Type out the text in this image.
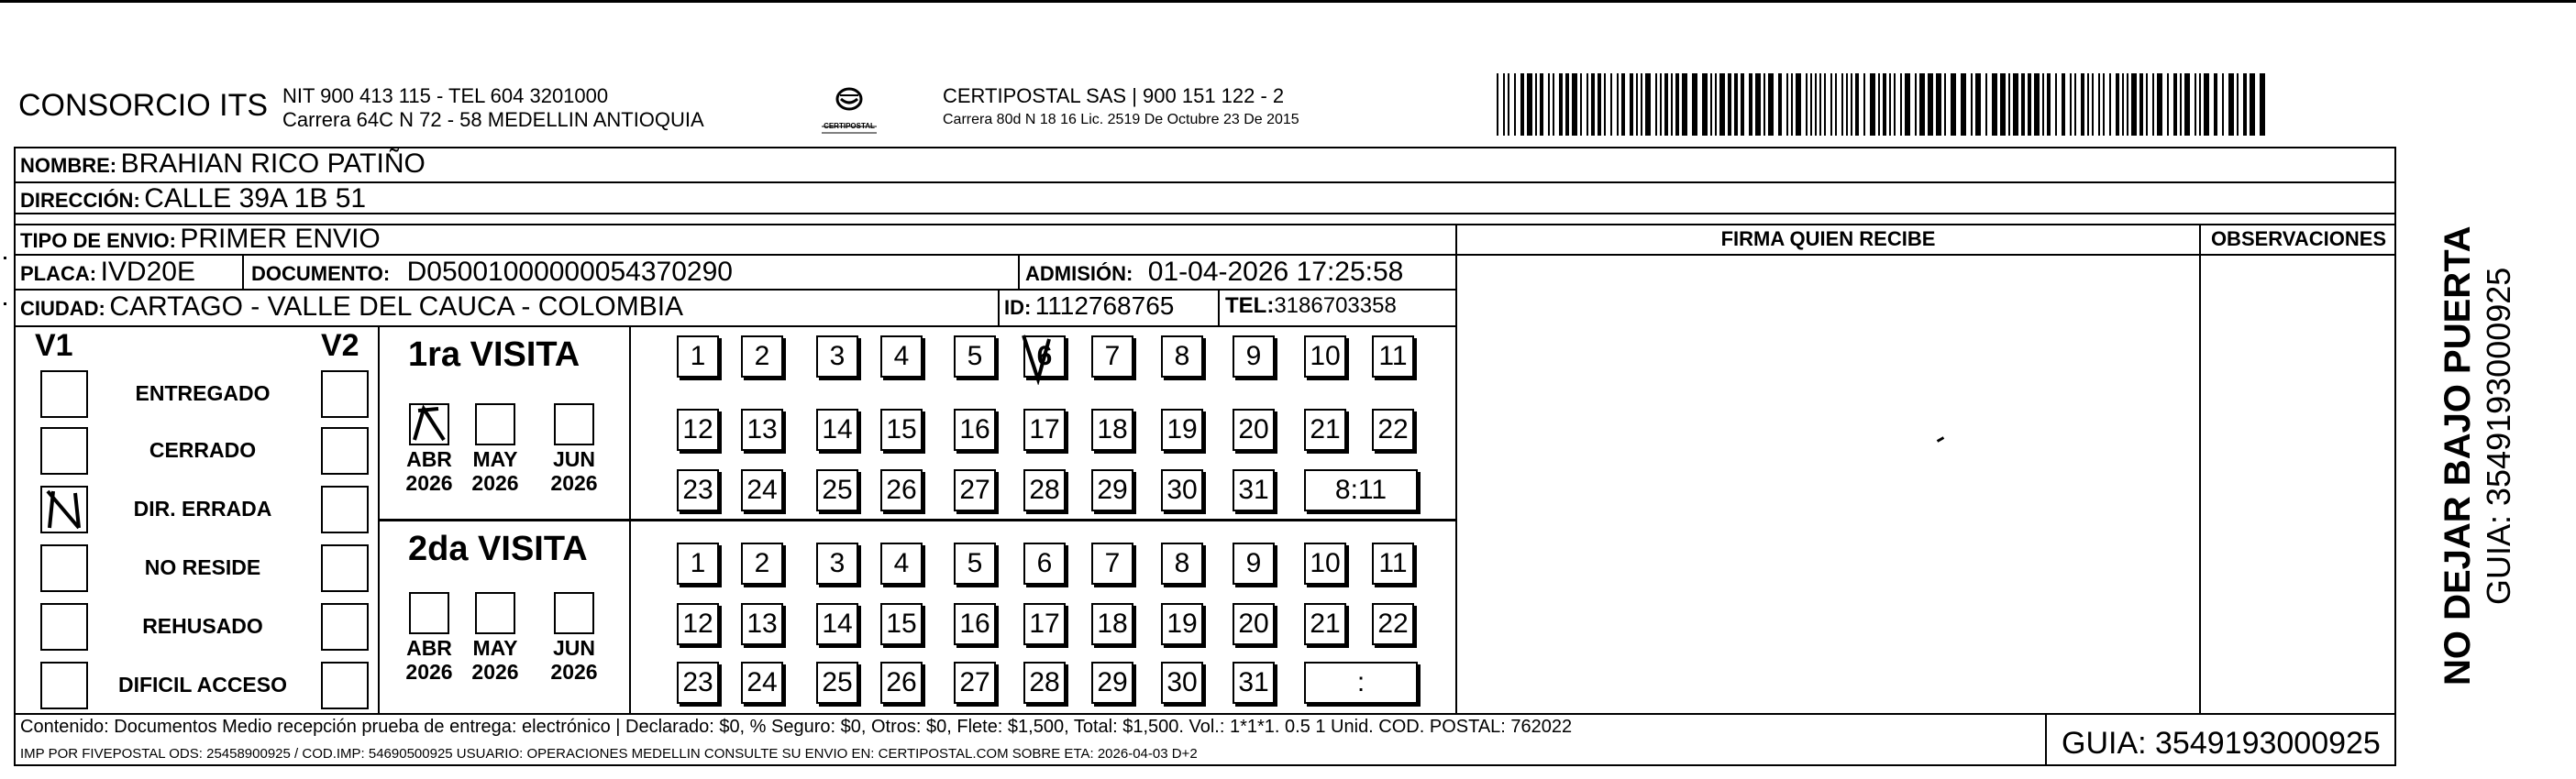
CONSORCIO ITS NIT 900 413 115 - TEL 604 3201000
Carrera 64C N 72 - 58 MEDELLIN ANTIOQUIA	CERTIPOSTAL
CERTIPOSTAL SAS | 900 151 122 - 2
Carrera 80d N 18 16 Lic. 2519 De Octubre 23 De 2015
NOMBRE: BRAHIAN RICO PATIÑO
DIRECCIÓN: CALLE 39A 1B 51
TIPO DE ENVIO: PRIMER ENVIO
PLACA: IVD20E	DOCUMENTO: D05001000000054370290	ADMISIÓN: 01-04-2026 17:25:58
CIUDAD: CARTAGO - VALLE DEL CAUCA - COLOMBIA	ID: 1112768765 TEL:3186703358
FIRMA QUIEN RECIBE	OBSERVACIONES
V1	V2
ENTREGADO
CERRADO
DIR. ERRADA
NO RESIDE
REHUSADO
DIFICIL ACCESO
1ra VISITA
2da VISITA
ABR
2026
MAY
2026
JUN
2026
ABR
2026
MAY
2026
JUN
2026
1	2	3	4	5	6	7	8	9	10 11
12 13 14 15 16 17 18 19 20 21 22
23 24 25 26 27 28 29 30 31	8:11
1	2	3	4	5	6	7	8	9	10 11
12 13 14 15 16 17 18 19 20 21 22
23 24 25 26 27 28 29 30 31	:
Contenido: Documentos Medio recepción prueba de entrega: electrónico | Declarado: $0, % Seguro: $0, Otros: $0, Flete: $1,500, Total: $1,500. Vol.: 1*1*1. 0.5 1 Unid. COD. POSTAL: 762022
IMP POR FIVEPOSTAL ODS: 25458900925 / COD.IMP: 54690500925 USUARIO: OPERACIONES MEDELLIN CONSULTE SU ENVIO EN: CERTIPOSTAL.COM SOBRE ETA: 2026-04-03 D+2	GUIA: 3549193000925
NO DEJAR BAJO PUERTA GUIA: 3549193000925
